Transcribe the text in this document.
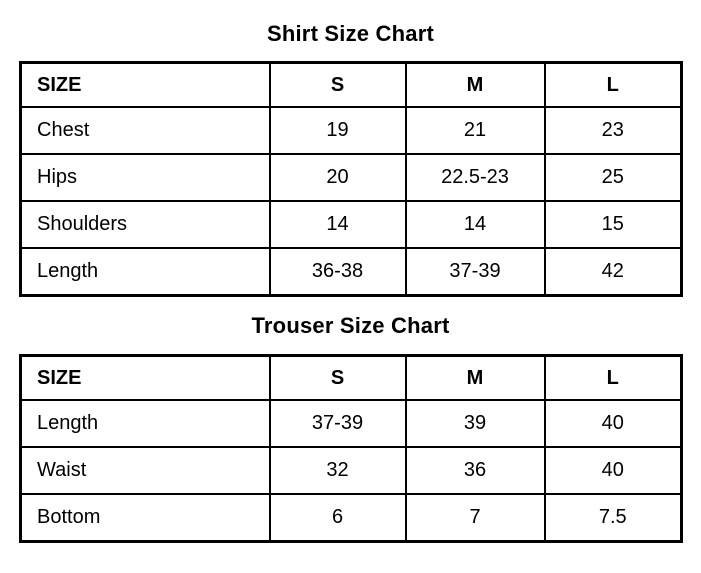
Shirt Size Chart
SIZE	S	M	L
Chest	19	21	23
Hips	20	22.5-23	25
Shoulders	14	14	15
Length	36-38	37-39	42
Trouser Size Chart
SIZE	S	M	L
Length	37-39	39	40
Waist	32	36	40
Bottom	6	7	7.5
